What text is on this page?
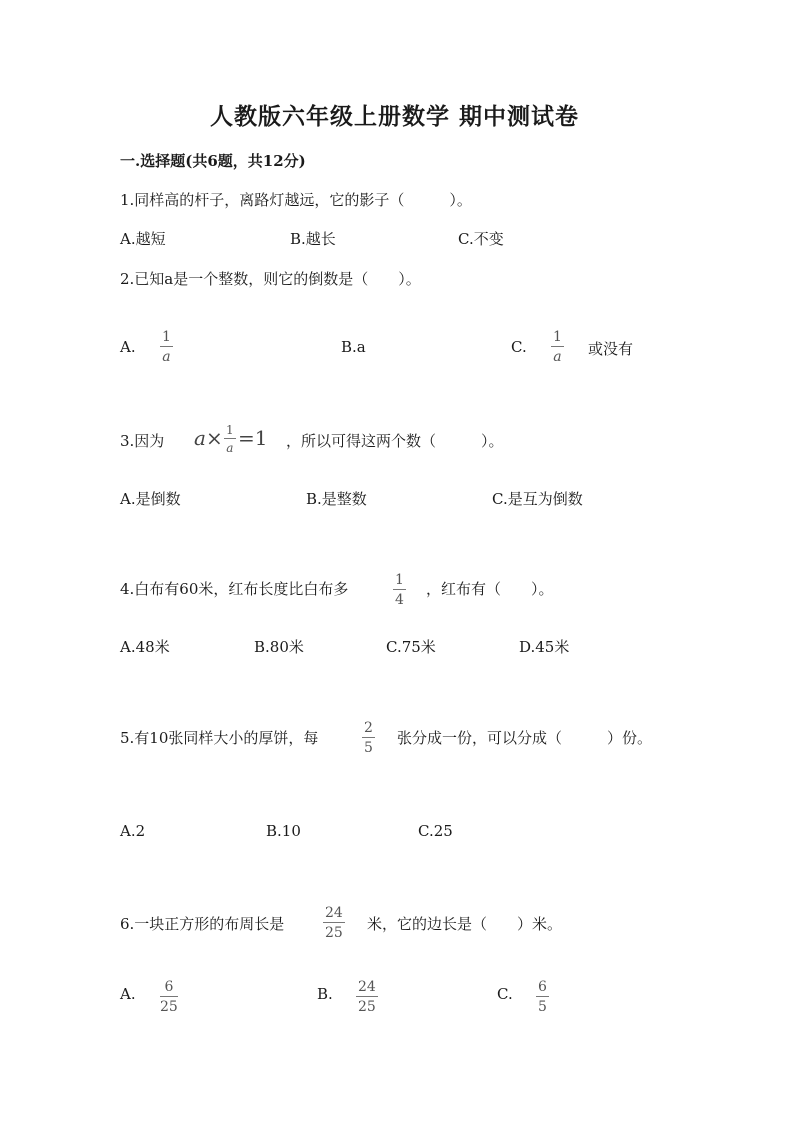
人教版六年级上册数学 期中测试卷
一.选择题(共6题，共12分)
1.同样高的杆子，离路灯越远，它的影子（　　　）。
A.越短	B.越长	C.不变
2.已知a是一个整数，则它的倒数是（　　）。
A.
1
a
B.a	C.
1
a 或没有
3.因为 a× 1
a =1 ，所以可得这两个数（　　　）。
A.是倒数	B.是整数	C.是互为倒数
4.白布有60米，红布长度比白布多	1
4
，红布有（　　）。
A.48米	B.80米	C.75米	D.45米
5.有10张同样大小的厚饼，每
2
5
张分成一份，可以分成（　　　）份。
A.2	B.10	C.25
6.一块正方形的布周长是
24
25 米，它的边长是（　　）米。
A. 6
25
B. 24
25
C. 6
5
